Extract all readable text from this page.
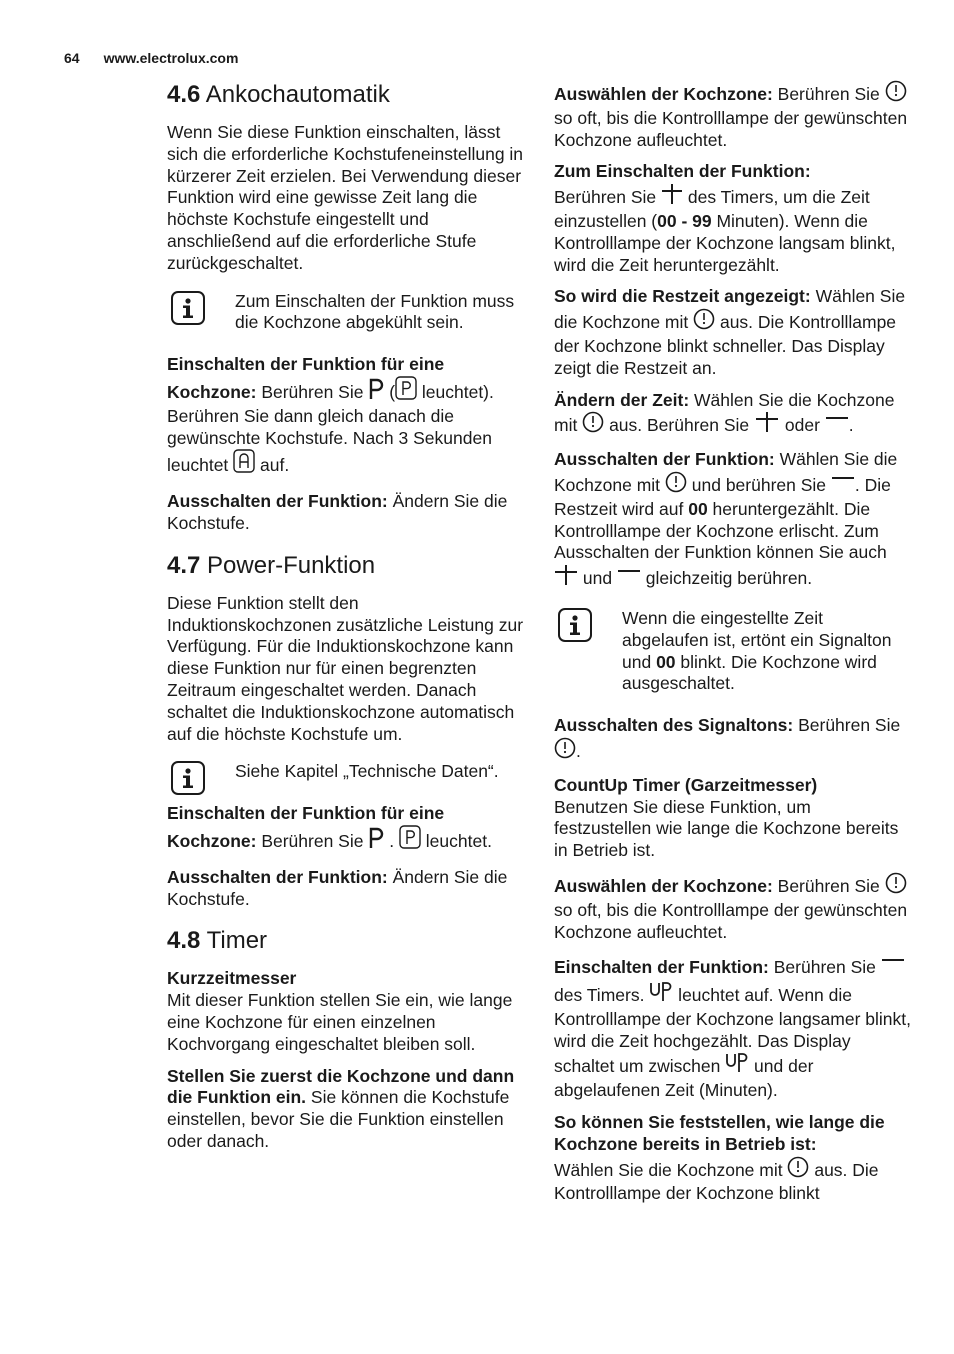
64 www.electrolux.com
4.6 Ankochautomatik

Wenn Sie diese Funktion einschalten, lässt sich die erforderliche Kochstufeneinstellung in kürzerer Zeit erzielen. Bei Verwendung dieser Funktion wird eine gewisse Zeit lang die höchste Kochstufe eingestellt und anschließend auf die erforderliche Stufe zurückgeschaltet.

Zum Einschalten der Funktion muss die Kochzone abgekühlt sein.

Einschalten der Funktion für eine Kochzone: Berühren Sie  ( leuchtet). Berühren Sie dann gleich danach die gewünschte Kochstufe. Nach 3 Sekunden leuchtet  auf.

Ausschalten der Funktion: Ändern Sie die Kochstufe.

4.7 Power-Funktion

Diese Funktion stellt den Induktionskochzonen zusätzliche Leistung zur Verfügung. Für die Induktionskochzone kann diese Funktion nur für einen begrenzten Zeitraum eingeschaltet werden. Danach schaltet die Induktionskochzone automatisch auf die höchste Kochstufe um.

Siehe Kapitel „Technische Daten“.

Einschalten der Funktion für eine Kochzone: Berühren Sie  .  leuchtet.

Ausschalten der Funktion: Ändern Sie die Kochstufe.

4.8 Timer

Kurzzeitmesser
Mit dieser Funktion stellen Sie ein, wie lange eine Kochzone für einen einzelnen Kochvorgang eingeschaltet bleiben soll.

Stellen Sie zuerst die Kochzone und dann die Funktion ein. Sie können die Kochstufe einstellen, bevor Sie die Funktion einstellen oder danach.

Auswählen der Kochzone: Berühren Sie  so oft, bis die Kontrolllampe der gewünschten Kochzone aufleuchtet.

Zum Einschalten der Funktion:
Berühren Sie  des Timers, um die Zeit einzustellen (00 - 99 Minuten). Wenn die Kontrolllampe der Kochzone langsam blinkt, wird die Zeit heruntergezählt.

So wird die Restzeit angezeigt: Wählen Sie die Kochzone mit  aus. Die Kontrolllampe der Kochzone blinkt schneller. Das Display zeigt die Restzeit an.

Ändern der Zeit: Wählen Sie die Kochzone mit  aus. Berühren Sie  oder .

Ausschalten der Funktion: Wählen Sie die Kochzone mit  und berühren Sie . Die Restzeit wird auf 00 heruntergezählt. Die Kontrolllampe der Kochzone erlischt. Zum Ausschalten der Funktion können Sie auch  und  gleichzeitig berühren.

Wenn die eingestellte Zeit abgelaufen ist, ertönt ein Signalton und 00 blinkt. Die Kochzone wird ausgeschaltet.

Ausschalten des Signaltons: Berühren Sie .

CountUp Timer (Garzeitmesser)
Benutzen Sie diese Funktion, um festzustellen wie lange die Kochzone bereits in Betrieb ist.

Auswählen der Kochzone: Berühren Sie  so oft, bis die Kontrolllampe der gewünschten Kochzone aufleuchtet.

Einschalten der Funktion: Berühren Sie  des Timers.  leuchtet auf. Wenn die Kontrolllampe der Kochzone langsamer blinkt, wird die Zeit hochgezählt. Das Display schaltet um zwischen  und der abgelaufenen Zeit (Minuten).

So können Sie feststellen, wie lange die Kochzone bereits in Betrieb ist:
Wählen Sie die Kochzone mit  aus. Die Kontrolllampe der Kochzone blinkt
